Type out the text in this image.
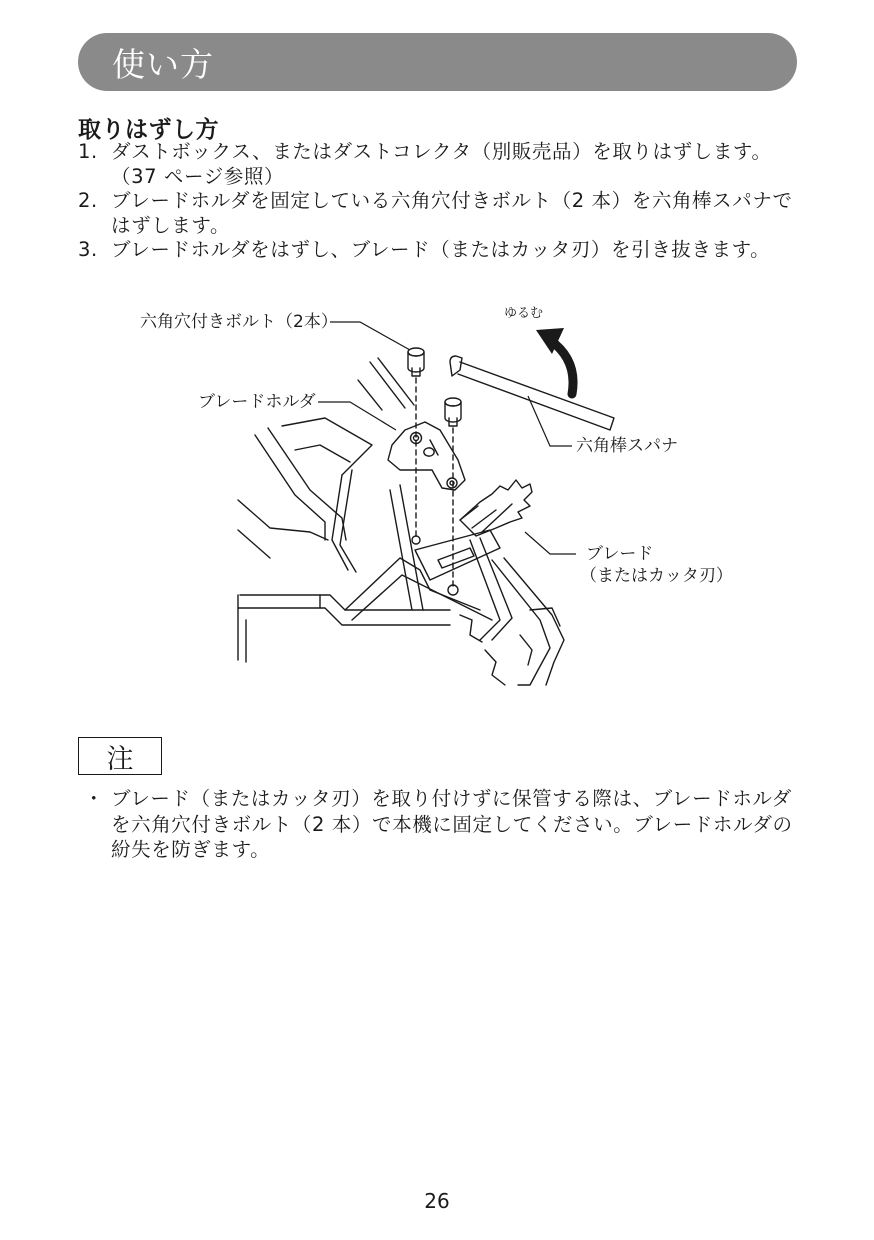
使い方
取りはずし方
1. ダストボックス、またはダストコレクタ（別販売品）を取りはずします。（37 ページ参照）
2. ブレードホルダを固定している六角穴付きボルト（2 本）を六角棒スパナではずします。
3. ブレードホルダをはずし、ブレード（またはカッタ刃）を引き抜きます。
六角穴付きボルト（2本）	ゆるむ
ブレードホルダ
六角棒スパナ
ブレード
（またはカッタ刃）
注
・ ブレード（またはカッタ刃）を取り付けずに保管する際は、ブレードホルダを六角穴付きボルト（2 本）で本機に固定してください。ブレードホルダの紛失を防ぎます。
26
